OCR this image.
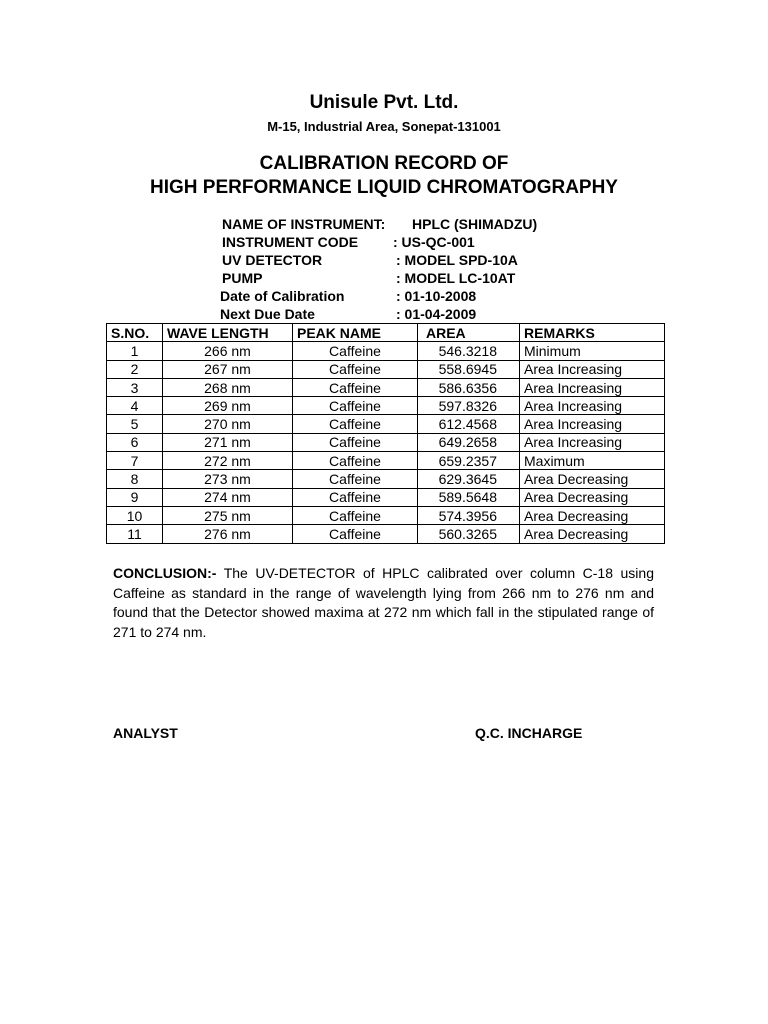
Unisule Pvt. Ltd.
M-15, Industrial Area, Sonepat-131001
CALIBRATION RECORD OF
HIGH PERFORMANCE LIQUID CHROMATOGRAPHY
NAME OF INSTRUMENT: HPLC (SHIMADZU)
INSTRUMENT CODE : US-QC-001
UV DETECTOR	: MODEL SPD-10A
PUMP	: MODEL LC-10AT
Date of Calibration	: 01-10-2008
Next Due Date	: 01-04-2009
S.NO.	WAVE LENGTH	PEAK NAME	AREA	REMARKS
1	266 nm	Caffeine	546.3218	Minimum
2	267 nm	Caffeine	558.6945	Area Increasing
3	268 nm	Caffeine	586.6356	Area Increasing
4	269 nm	Caffeine	597.8326	Area Increasing
5	270 nm	Caffeine	612.4568	Area Increasing
6	271 nm	Caffeine	649.2658	Area Increasing
7	272 nm	Caffeine	659.2357	Maximum
8	273 nm	Caffeine	629.3645	Area Decreasing
9	274 nm	Caffeine	589.5648	Area Decreasing
10	275 nm	Caffeine	574.3956	Area Decreasing
11	276 nm	Caffeine	560.3265	Area Decreasing
CONCLUSION:- The UV-DETECTOR of HPLC calibrated over column C-18 using Caffeine as standard in the range of wavelength lying from 266 nm to 276 nm and found that the Detector showed maxima at 272 nm which fall in the stipulated range of 271 to 274 nm.
ANALYST	Q.C. INCHARGE
